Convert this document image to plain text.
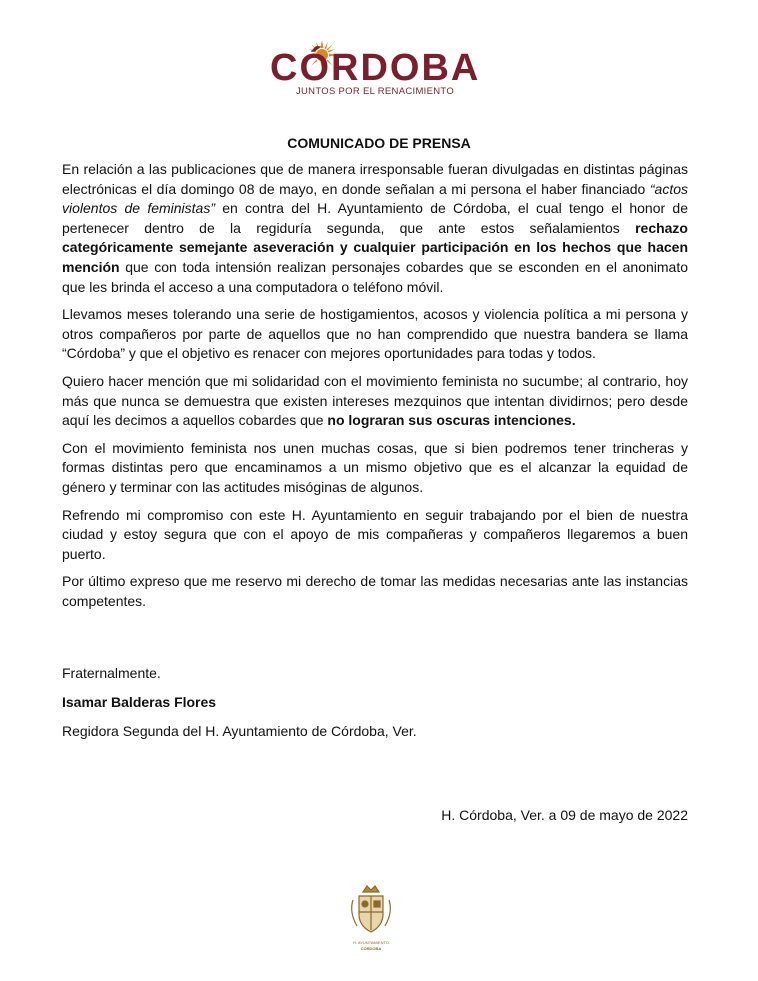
CÓRDOBA
JUNTOS POR EL RENACIMIENTO
COMUNICADO DE PRENSA

En relación a las publicaciones que de manera irresponsable fueran divulgadas en distintas páginas electrónicas el día domingo 08 de mayo, en donde señalan a mi persona el haber financiado “actos violentos de feministas” en contra del H. Ayuntamiento de Córdoba, el cual tengo el honor de pertenecer dentro de la regiduría segunda, que ante estos señalamientos rechazo categóricamente semejante aseveración y cualquier participación en los hechos que hacen mención que con toda intensión realizan personajes cobardes que se esconden en el anonimato que les brinda el acceso a una computadora o teléfono móvil.

Llevamos meses tolerando una serie de hostigamientos, acosos y violencia política a mi persona y otros compañeros por parte de aquellos que no han comprendido que nuestra bandera se llama “Córdoba” y que el objetivo es renacer con mejores oportunidades para todas y todos.

Quiero hacer mención que mi solidaridad con el movimiento feminista no sucumbe; al contrario, hoy más que nunca se demuestra que existen intereses mezquinos que intentan dividirnos; pero desde aquí les decimos a aquellos cobardes que no lograran sus oscuras intenciones.

Con el movimiento feminista nos unen muchas cosas, que si bien podremos tener trincheras y formas distintas pero que encaminamos a un mismo objetivo que es el alcanzar la equidad de género y terminar con las actitudes misóginas de algunos.

Refrendo mi compromiso con este H. Ayuntamiento en seguir trabajando por el bien de nuestra ciudad y estoy segura que con el apoyo de mis compañeras y compañeros llegaremos a buen puerto.

Por último expreso que me reservo mi derecho de tomar las medidas necesarias ante las instancias competentes.

Fraternalmente.
Isamar Balderas Flores
Regidora Segunda del H. Ayuntamiento de Córdoba, Ver.
H. Córdoba, Ver. a 09 de mayo de 2022
H. AYUNTAMIENTO
CÓRDOBA
